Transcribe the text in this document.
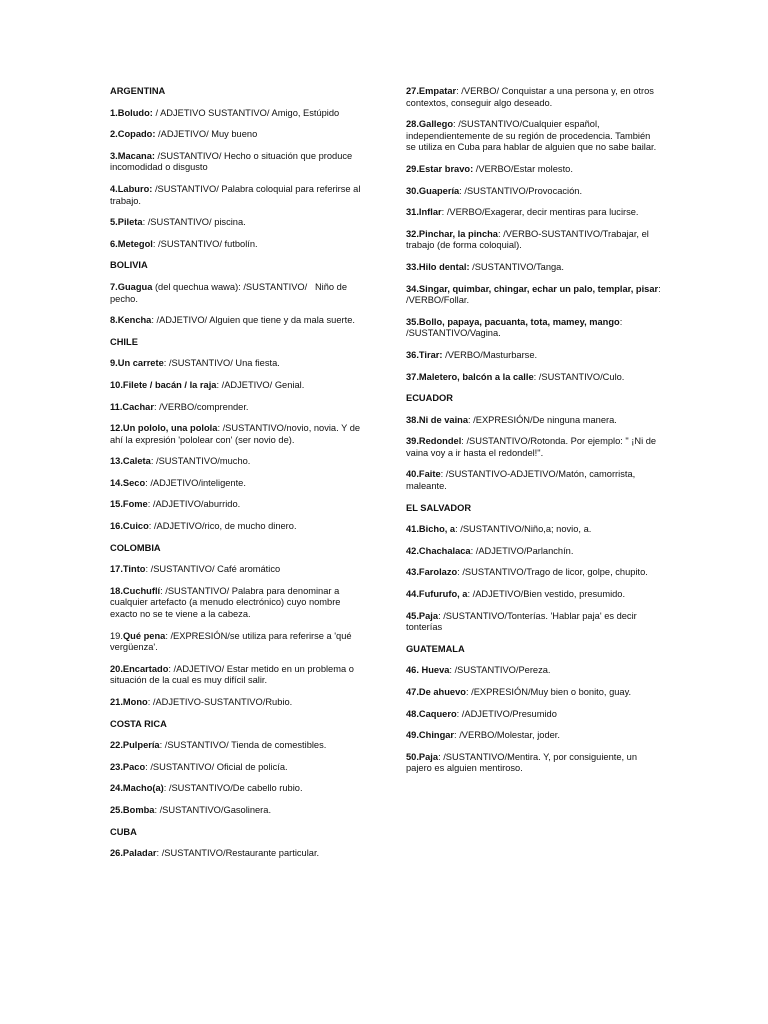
ARGENTINA
1.Boludo: / ADJETIVO SUSTANTIVO/ Amigo, Estúpido
2.Copado: /ADJETIVO/ Muy bueno
3.Macana: /SUSTANTIVO/ Hecho o situación que produce incomodidad o disgusto
4.Laburo: /SUSTANTIVO/ Palabra coloquial para referirse al trabajo.
5.Pileta: /SUSTANTIVO/ piscina.
6.Metegol: /SUSTANTIVO/ futbolín.
BOLIVIA
7.Guagua (del quechua wawa): /SUSTANTIVO/   Niño de pecho.
8.Kencha: /ADJETIVO/ Alguien que tiene y da mala suerte.
CHILE
9.Un carrete: /SUSTANTIVO/ Una fiesta.
10.Filete / bacán / la raja: /ADJETIVO/ Genial.
11.Cachar: /VERBO/comprender.
12.Un pololo, una polola: /SUSTANTIVO/novio, novia. Y de ahí la expresión 'pololear con' (ser novio de).
13.Caleta: /SUSTANTIVO/mucho.
14.Seco: /ADJETIVO/inteligente.
15.Fome: /ADJETIVO/aburrido.
16.Cuico: /ADJETIVO/rico, de mucho dinero.
COLOMBIA
17.Tinto: /SUSTANTIVO/ Café aromático
18.Cuchuflí: /SUSTANTIVO/ Palabra para denominar a cualquier artefacto (a menudo electrónico) cuyo nombre exacto no se te viene a la cabeza.
19.Qué pena: /EXPRESIÓN/se utiliza para referirse a 'qué vergüenza'.
20.Encartado: /ADJETIVO/ Estar metido en un problema o situación de la cual es muy difícil salir.
21.Mono: /ADJETIVO-SUSTANTIVO/Rubio.
COSTA RICA
22.Pulpería: /SUSTANTIVO/ Tienda de comestibles.
23.Paco: /SUSTANTIVO/ Oficial de policía.
24.Macho(a): /SUSTANTIVO/De cabello rubio.
25.Bomba: /SUSTANTIVO/Gasolinera.
CUBA
26.Paladar: /SUSTANTIVO/Restaurante particular.
27.Empatar: /VERBO/ Conquistar a una persona y, en otros contextos, conseguir algo deseado.
28.Gallego: /SUSTANTIVO/Cualquier español, independientemente de su región de procedencia. También se utiliza en Cuba para hablar de alguien que no sabe bailar.
29.Estar bravo: /VERBO/Estar molesto.
30.Guapería: /SUSTANTIVO/Provocación.
31.Inflar: /VERBO/Exagerar, decir mentiras para lucirse.
32.Pinchar, la pincha: /VERBO-SUSTANTIVO/Trabajar, el trabajo (de forma coloquial).
33.Hilo dental: /SUSTANTIVO/Tanga.
34.Singar, quimbar, chingar, echar un palo, templar, pisar: /VERBO/Follar.
35.Bollo, papaya, pacuanta, tota, mamey, mango: /SUSTANTIVO/Vagina.
36.Tirar: /VERBO/Masturbarse.
37.Maletero, balcón a la calle: /SUSTANTIVO/Culo.
ECUADOR
38.Ni de vaina: /EXPRESIÓN/De ninguna manera.
39.Redondel: /SUSTANTIVO/Rotonda. Por ejemplo: " ¡Ni de vaina voy a ir hasta el redondel!".
40.Faite: /SUSTANTIVO-ADJETIVO/Matón, camorrista, maleante.
EL SALVADOR
41.Bicho, a: /SUSTANTIVO/Niño,a; novio, a.
42.Chachalaca: /ADJETIVO/Parlanchín.
43.Farolazo: /SUSTANTIVO/Trago de licor, golpe, chupito.
44.Fufurufo, a: /ADJETIVO/Bien vestido, presumido.
45.Paja: /SUSTANTIVO/Tonterías. 'Hablar paja' es decir tonterías
GUATEMALA
46. Hueva: /SUSTANTIVO/Pereza.
47.De ahuevo: /EXPRESIÓN/Muy bien o bonito, guay.
48.Caquero: /ADJETIVO/Presumido
49.Chingar: /VERBO/Molestar, joder.
50.Paja: /SUSTANTIVO/Mentira. Y, por consiguiente, un pajero es alguien mentiroso.
